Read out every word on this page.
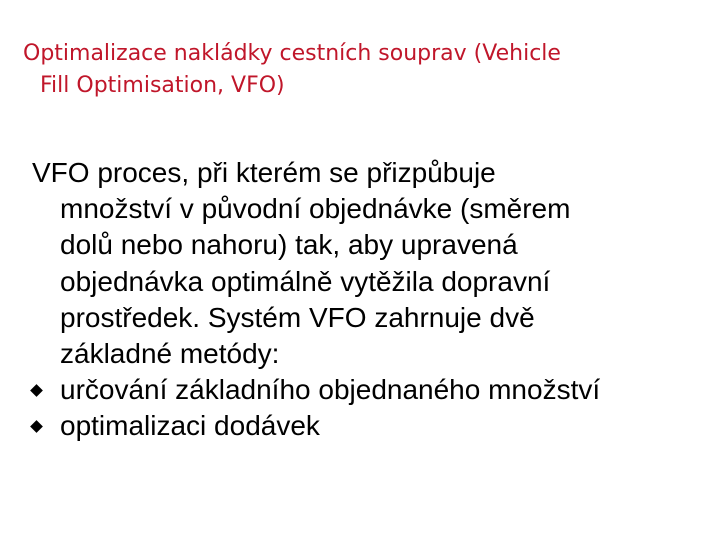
Optimalizace nakládky cestních souprav (Vehicle
Fill Optimisation, VFO)
VFO proces, při kterém se přizpůbuje
množství v původní objednávke (směrem
dolů nebo nahoru) tak, aby upravená
objednávka optimálně vytěžila dopravní
prostředek. Systém VFO zahrnuje dvě
základné metódy:
určování základního objednaného množství
optimalizaci dodávek
